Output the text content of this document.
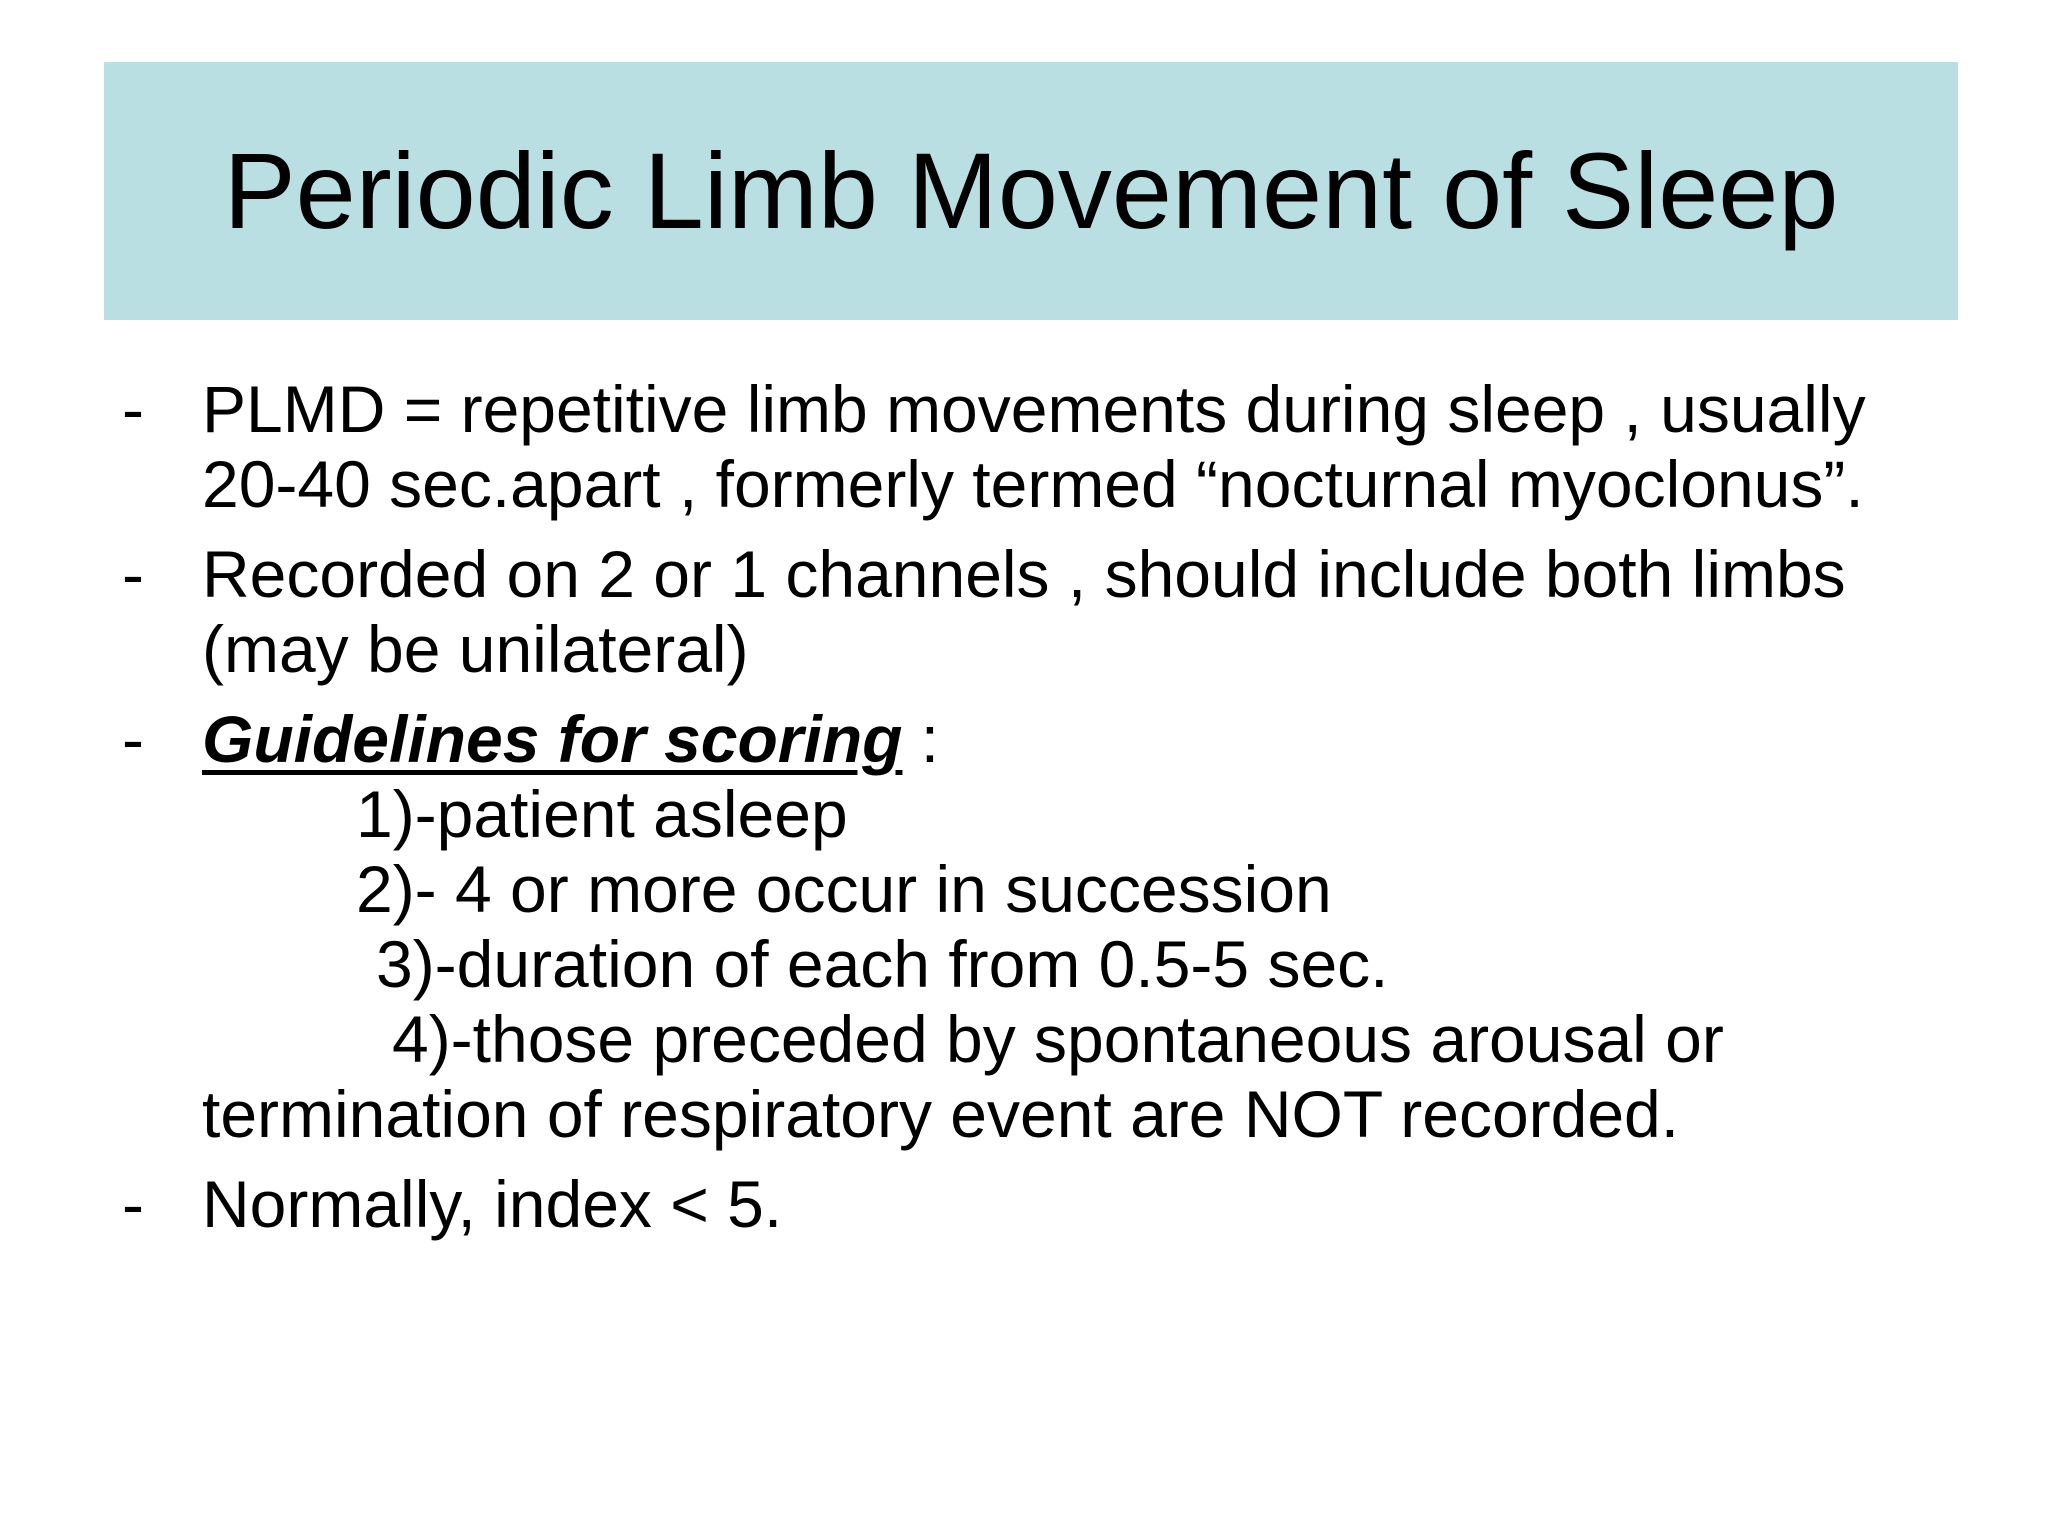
Periodic Limb Movement of Sleep
- PLMD = repetitive limb movements during sleep , usually
20-40 sec.apart , formerly termed “nocturnal myoclonus”.
- Recorded on 2 or 1 channels , should include both limbs
(may be unilateral)
- Guidelines for scoring :
1)-patient asleep
2)- 4 or more occur in succession
3)-duration of each from 0.5-5 sec.
4)-those preceded by spontaneous arousal or
termination of respiratory event are NOT recorded.
- Normally, index < 5.
